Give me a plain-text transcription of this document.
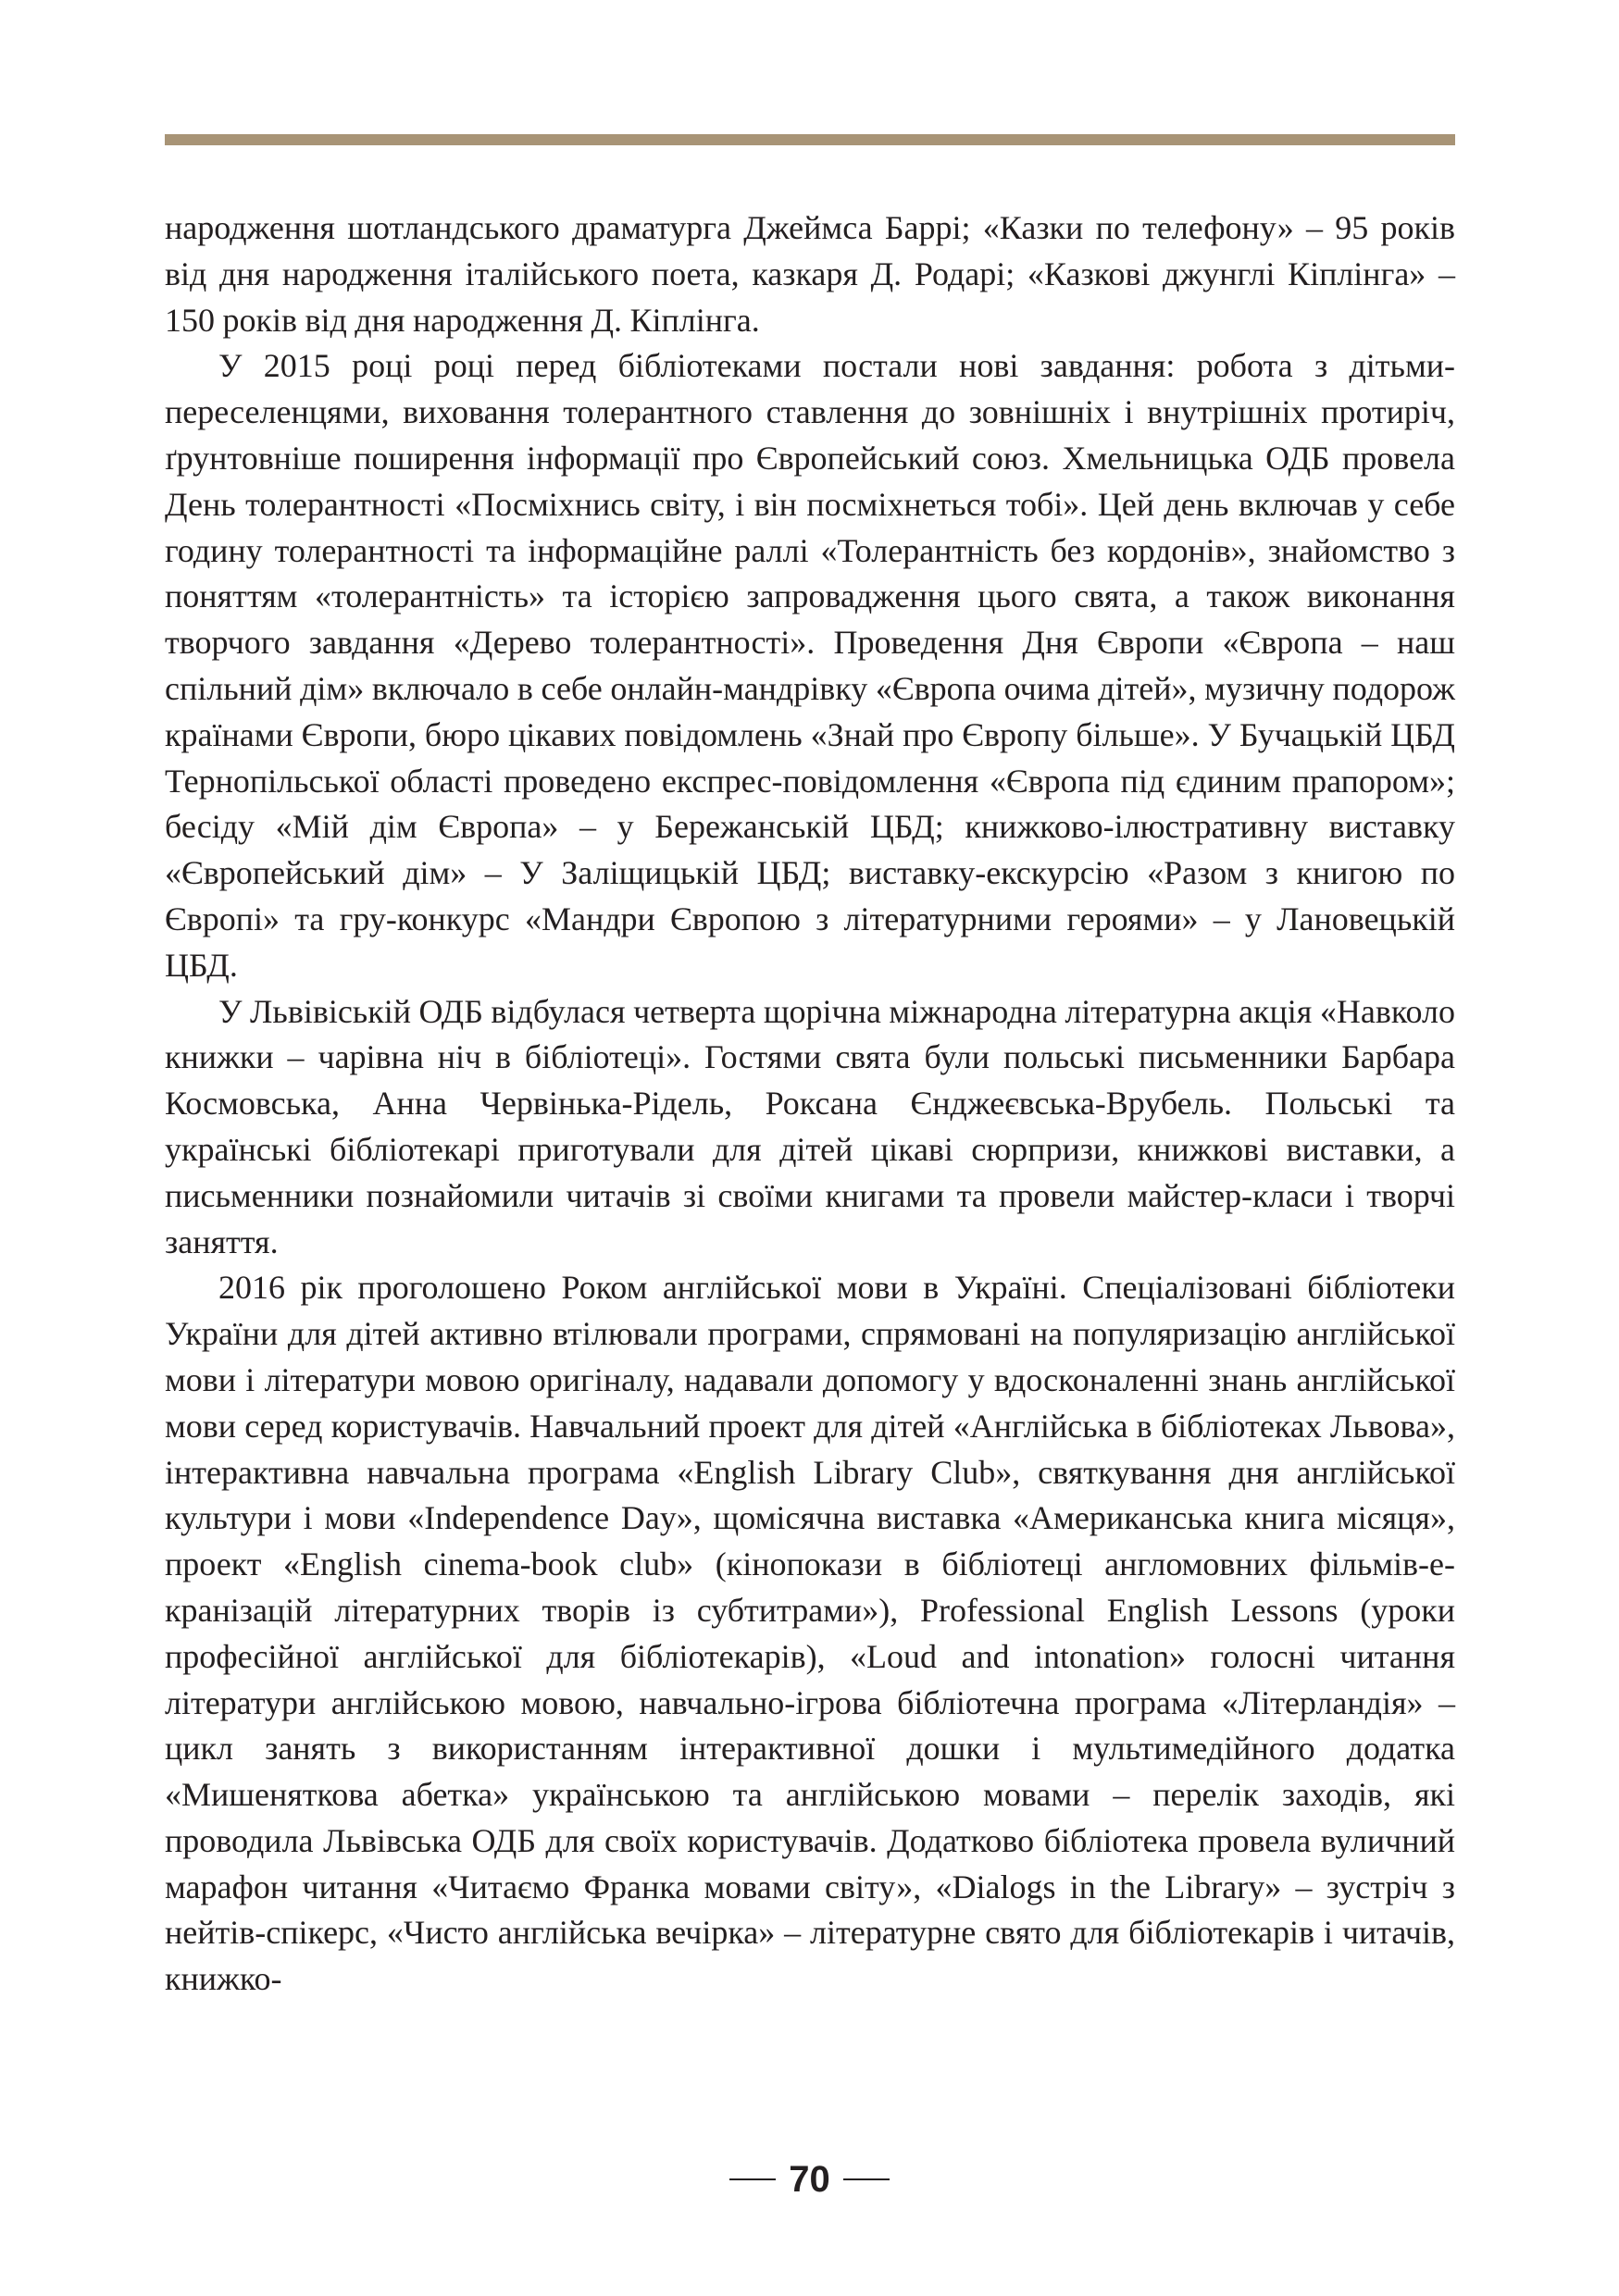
народження шотландського драматурга Джеймса Баррі; «Казки по телефону» – 95 років від дня народження італійського поета, казкаря Д. Родарі; «Казкові джунглі Кіплінга» – 150 років від дня народження Д. Кіплінга.

У 2015 році році перед бібліотеками постали нові завдання: робота з дітьми-переселенцями, виховання толерантного ставлення до зовнішніх і внутрішніх протиріч, ґрунтовніше поширення інформації про Європейський союз. Хмельницька ОДБ провела День толерантності «Посміхнись світу, і він посміхнеться тобі». Цей день включав у себе годину толерантності та інформаційне раллі «Толерантність без кордонів», знайомство з поняттям «толерантність» та історією запровадження цього свята, а також виконання творчого завдання «Дерево толерантності». Проведення Дня Європи «Європа – наш спільний дім» включало в себе онлайн-мандрівку «Європа очима дітей», музичну подорож країнами Європи, бюро цікавих повідомлень «Знай про Європу більше». У Бучацькій ЦБД Тернопільської області проведено експрес-повідомлення «Європа під єдиним прапором»; бесіду «Мій дім Європа» – у Бережанській ЦБД; книжково-ілюстративну виставку «Європейський дім» – У Заліщицькій ЦБД; виставку-екскурсію «Разом з книгою по Європі» та гру-конкурс «Мандри Європою з літературними героями» – у Лановецькій ЦБД.

У Львівіській ОДБ відбулася четверта щорічна міжнародна літературна акція «Навколо книжки – чарівна ніч в бібліотеці». Гостями свята були польські письменники Барбара Космовська, Анна Червінька-Рідель, Роксана Єнджеєвська-Врубель. Польські та українські бібліотекарі приготували для дітей цікаві сюрпризи, книжкові виставки, а письменники познайомили читачів зі своїми книгами та провели майстер-класи і творчі заняття.

2016 рік проголошено Роком англійської мови в Україні. Спеціалізовані бібліотеки України для дітей активно втілювали програми, спрямовані на популяризацію англійської мови і літератури мовою оригіналу, надавали допомогу у вдосконаленні знань англійської мови серед користувачів. Навчальний проект для дітей «Англійська в бібліотеках Львова», інтерактивна навчальна програма «English Library Club», святкування дня англійської культури і мови «Independence Day», щомісячна виставка «Американська книга місяця», проект «English cinema-book club» (кінопокази в бібліотеці англомовних фільмів-екранізацій літературних творів із субтитрами»), Professional English Lessons (уроки професійної англійської для бібліотекарів), «Loud and intonation» голосні читання літератури англійською мовою, навчально-ігрова бібліотечна програма «Літерландія» – цикл занять з використанням інтерактивної дошки і мультимедійного додатка «Мишеняткова абетка» українською та англійською мовами – перелік заходів, які проводила Львівська ОДБ для своїх користувачів. Додатково бібліотека провела вуличний марафон читання «Читаємо Франка мовами світу», «Dialogs in the Library» – зустріч з нейтів-спікерс, «Чисто англійська вечірка» – літературне свято для бібліотекарів і читачів, книжко-

70
